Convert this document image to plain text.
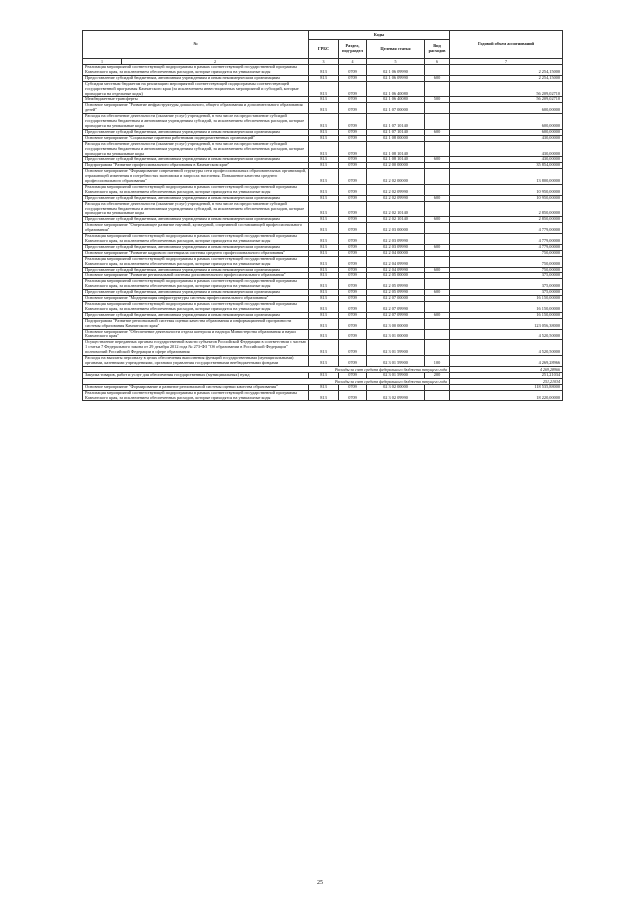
№		Коды				Годовой объем ассигнований
		ГРБС	Раздел, под-раздел	Целевая статья	Вид расходов	
1	2	3	4	5	6	7
Реализация мероприятий соответствующей подпрограммы в рамках соответствующей государственной программы Камчатского края, за исключением обеспеченных расходов, которые приходятся на уникальные коды		813	0709	02 1 06 09990		2 254,15000
Предоставление субсидий бюджетным, автономным учреждениям и иным некоммерческим организациям		813	0709	02 1 06 09990	600	2 254,15000
Субсидии местным бюджетам на реализацию мероприятий соответствующей подпрограммы соответствующей государственной программы Камчатского края (за исключением инвестиционных мероприятий и субсидий, которые приходятся на отдельные коды)		813	0709	02 1 06 40080		56 209,02710
Межбюджетные трансферты		813	0709	02 1 06 40080	500	56 209,02710
Основное мероприятие "Развитие инфраструктуры дошкольного, общего образования и дополнительного образования детей"		813	0709	02 1 07 00000		600,00000
Расходы на обеспечение деятельности (оказание услуг) учреждений, в том числе на предоставление субсидий государственным бюджетным и автономным учреждениям субсидий, за исключением обеспеченных расходов, которые приходятся на уникальные коды		813	0709	02 1 07 10140		600,00000
Предоставление субсидий бюджетным, автономным учреждениям и иным некоммерческим организациям		813	0709	02 1 07 10140	600	600,00000
Основное мероприятие "Социальные гарантии работникам подведомственных организаций"		813	0709	02 1 08 00000		430,00000
Расходы на обеспечение деятельности (оказание услуг) учреждений, в том числе на предоставление субсидий государственным бюджетным и автономным учреждениям субсидий, за исключением обеспеченных расходов, которые приходятся на уникальные коды		813	0709	02 1 08 10140		430,00000
Предоставление субсидий бюджетным, автономным учреждениям и иным некоммерческим организациям		813	0709	02 1 08 10140	600	430,00000
Подпрограмма "Развитие профессионального образования в Камчатском крае"		813	0709	02 2 00 00000		35 854,00000
Основное мероприятие "Формирование современной структуры сети профессиональных образовательных организаций, отражающей изменения в потребностях экономики и запросах населения. Повышение качества среднего профессионального образования"		813	0709	02 2 02 00000		13 800,00000
Реализация мероприятий соответствующей подпрограммы в рамках соответствующей государственной программы Камчатского края, за исключением обеспеченных расходов, которые приходятся на уникальные коды		813	0709	02 2 02 09990		10 950,00000
Предоставление субсидий бюджетным, автономным учреждениям и иным некоммерческим организациям		813	0709	02 2 02 09990	600	10 950,00000
Расходы на обеспечение деятельности (оказание услуг) учреждений, в том числе на предоставление субсидий государственным бюджетным и автономным учреждениям субсидий, за исключением обеспеченных расходов, которые приходятся на уникальные коды		813	0709	02 2 02 10140		2 850,00000
Предоставление субсидий бюджетным, автономным учреждениям и иным некоммерческим организациям		813	0709	02 2 02 10140	600	2 850,00000
Основное мероприятие "Опережающее развитие научной, культурной, спортивной составляющей профессионального образования"		813	0709	02 2 03 00000		4 779,00000
Реализация мероприятий соответствующей подпрограммы в рамках соответствующей государственной программы Камчатского края, за исключением обеспеченных расходов, которые приходятся на уникальные коды		813	0709	02 2 03 09990		4 779,00000
Предоставление субсидий бюджетным, автономным учреждениям и иным некоммерческим организациям		813	0709	02 2 03 09990	600	4 779,00000
Основное мероприятие "Развитие кадрового потенциала системы среднего профессионального образования"		813	0709	02 2 04 00000		750,00000
Реализация мероприятий соответствующей подпрограммы в рамках соответствующей государственной программы Камчатского края, за исключением обеспеченных расходов, которые приходятся на уникальные коды		813	0709	02 2 04 09990		750,00000
Предоставление субсидий бюджетным, автономным учреждениям и иным некоммерческим организациям		813	0709	02 2 04 09990	600	750,00000
Основное мероприятие "Развитие региональной системы дополнительного профессионального образования"		813	0709	02 2 05 00000		375,00000
Реализация мероприятий соответствующей подпрограммы в рамках соответствующей государственной программы Камчатского края, за исключением обеспеченных расходов, которые приходятся на уникальные коды		813	0709	02 2 05 09990		375,00000
Предоставление субсидий бюджетным, автономным учреждениям и иным некоммерческим организациям		813	0709	02 2 05 09990	600	375,00000
Основное мероприятие "Модернизация инфраструктуры системы профессионального образования"		813	0709	02 2 07 00000		16 150,00000
Реализация мероприятий соответствующей подпрограммы в рамках соответствующей государственной программы Камчатского края, за исключением обеспеченных расходов, которые приходятся на уникальные коды		813	0709	02 2 07 09990		16 150,00000
Предоставление субсидий бюджетным, автономным учреждениям и иным некоммерческим организациям		813	0709	02 2 07 09990	600	16 150,00000
Подпрограмма "Развитие региональной системы оценки качества образования и информационной прозрачности системы образования Камчатского края"		813	0709	02 3 00 00000		123 056,38000
Основное мероприятие "Обеспечение деятельности отдела контроля и надзора Министерства образования и науки Камчатского края"		813	0709	02 3 01 00000		4 520,50000
Осуществление переданных органам государственной власти субъектов Российской Федерации в соответствии с частью 1 статьи 7 Федерального закона от 29 декабря 2012 года № 273-ФЗ "Об образовании в Российской Федерации" полномочий Российской Федерации в сфере образования		813	0709	02 3 01 59900		4 520,50000
Расходы на выплаты персоналу в целях обеспечения выполнения функций государственными (муниципальными) органами, казенными учреждениями, органами управления государственными внебюджетными фондами		813	0709	02 3 01 59900	100	4 269,28966
Расходы за счет средств федерального бюджета текущего года						4 269,28966
Закупка товаров, работ и услуг для обеспечения государственных (муниципальных) нужд		813	0709	02 3 01 59900	200	251,21034
Расходы за счет средств федерального бюджета текущего года						251,21034
Основное мероприятие "Формирование и развитие региональной системы оценки качества образования"		813	0709	02 3 02 00000		118 535,88000
Реализация мероприятий соответствующей подпрограммы в рамках соответствующей государственной программы Камчатского края, за исключением обеспеченных расходов, которые приходятся на уникальные коды		813	0709	02 3 02 09990		18 220,00000
25
